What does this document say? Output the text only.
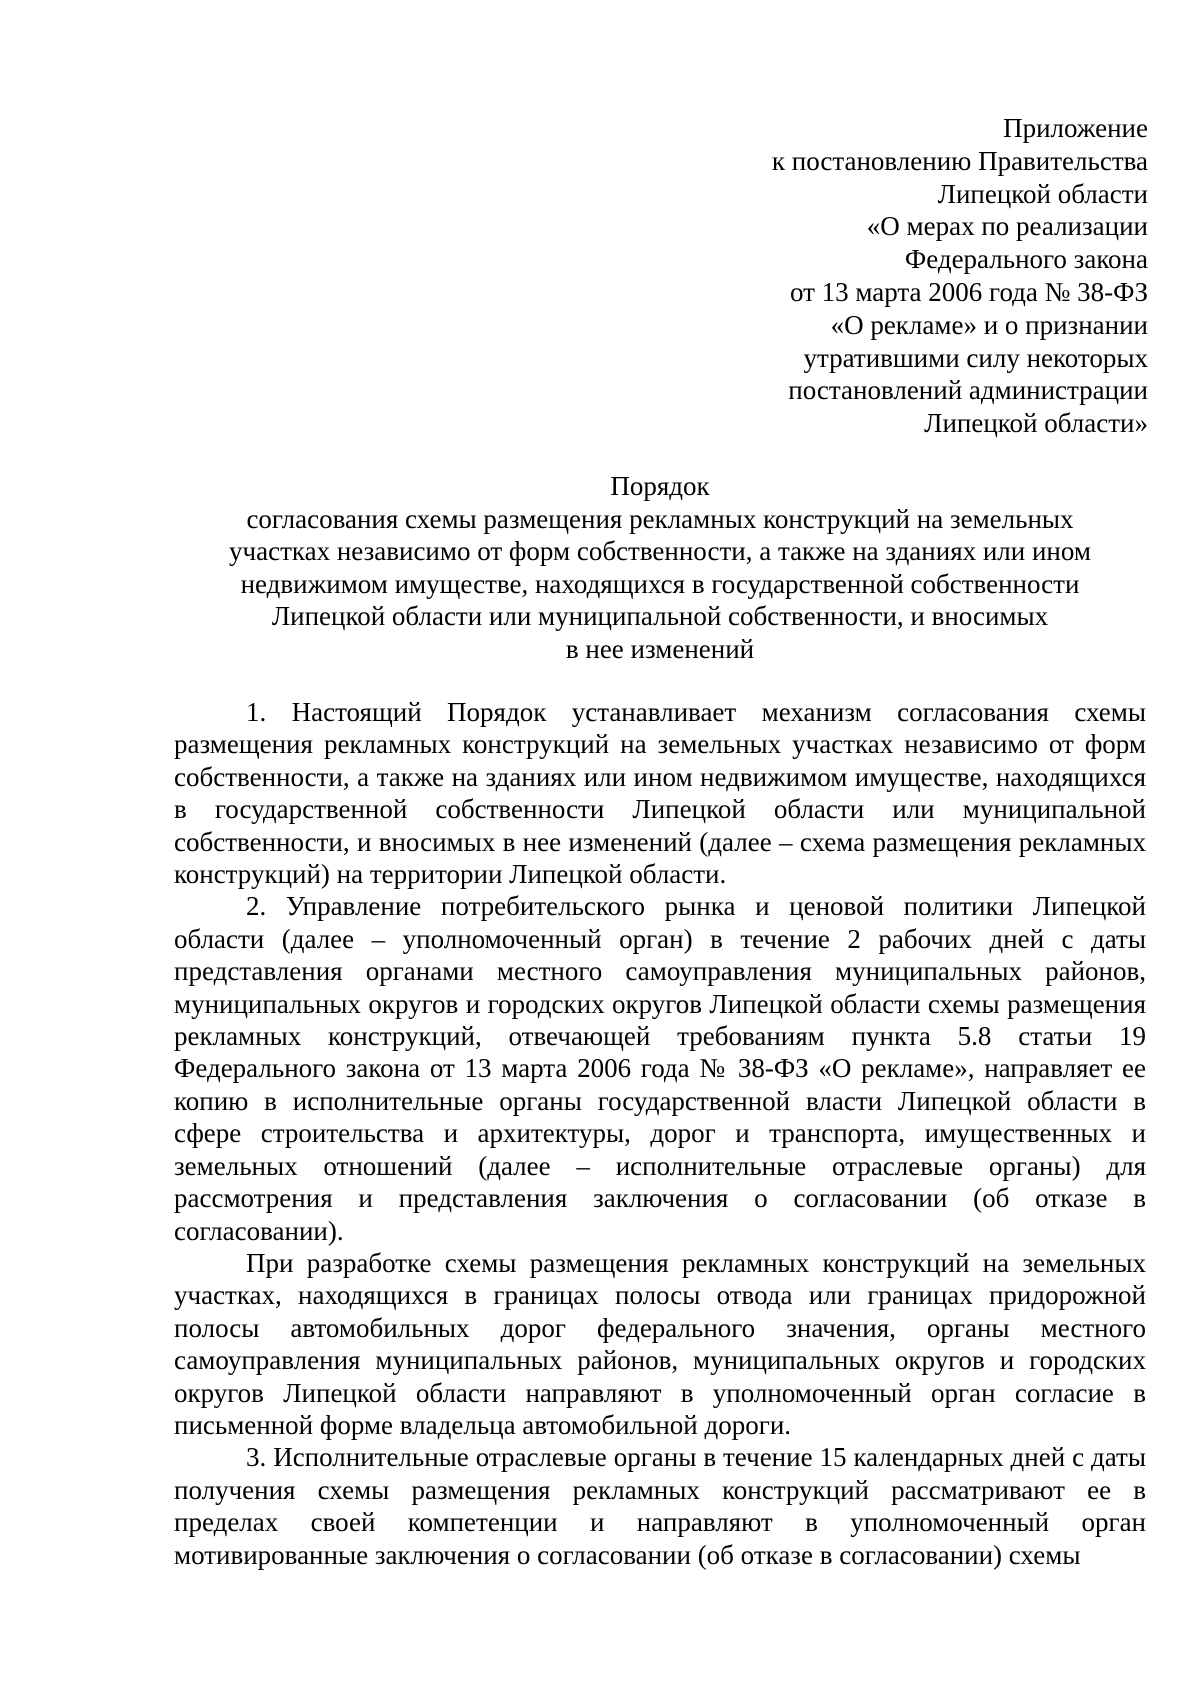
Приложение
к постановлению Правительства
Липецкой области
«О мерах по реализации
Федерального закона
от 13 марта 2006 года № 38-ФЗ
«О рекламе» и о признании
утратившими силу некоторых
постановлений администрации
Липецкой области»
Порядок
согласования схемы размещения рекламных конструкций на земельных
участках независимо от форм собственности, а также на зданиях или ином
недвижимом имуществе, находящихся в государственной собственности
Липецкой области или муниципальной собственности, и вносимых
в нее изменений

1. Настоящий Порядок устанавливает механизм согласования схемы размещения рекламных конструкций на земельных участках независимо от форм собственности, а также на зданиях или ином недвижимом имуществе, находящихся в государственной собственности Липецкой области или муниципальной собственности, и вносимых в нее изменений (далее – схема размещения рекламных конструкций) на территории Липецкой области.

2. Управление потребительского рынка и ценовой политики Липецкой области (далее – уполномоченный орган) в течение 2 рабочих дней с даты представления органами местного самоуправления муниципальных районов, муниципальных округов и городских округов Липецкой области схемы размещения рекламных конструкций, отвечающей требованиям пункта 5.8 статьи 19 Федерального закона от 13 марта 2006 года № 38-ФЗ «О рекламе», направляет ее копию в исполнительные органы государственной власти Липецкой области в сфере строительства и архитектуры, дорог и транспорта, имущественных и земельных отношений (далее – исполнительные отраслевые органы) для рассмотрения и представления заключения о согласовании (об отказе в согласовании).

При разработке схемы размещения рекламных конструкций на земельных участках, находящихся в границах полосы отвода или границах придорожной полосы автомобильных дорог федерального значения, органы местного самоуправления муниципальных районов, муниципальных округов и городских округов Липецкой области направляют в уполномоченный орган согласие в письменной форме владельца автомобильной дороги.

3. Исполнительные отраслевые органы в течение 15 календарных дней с даты получения схемы размещения рекламных конструкций рассматривают ее в пределах своей компетенции и направляют в уполномоченный орган мотивированные заключения о согласовании (об отказе в согласовании) схемы
